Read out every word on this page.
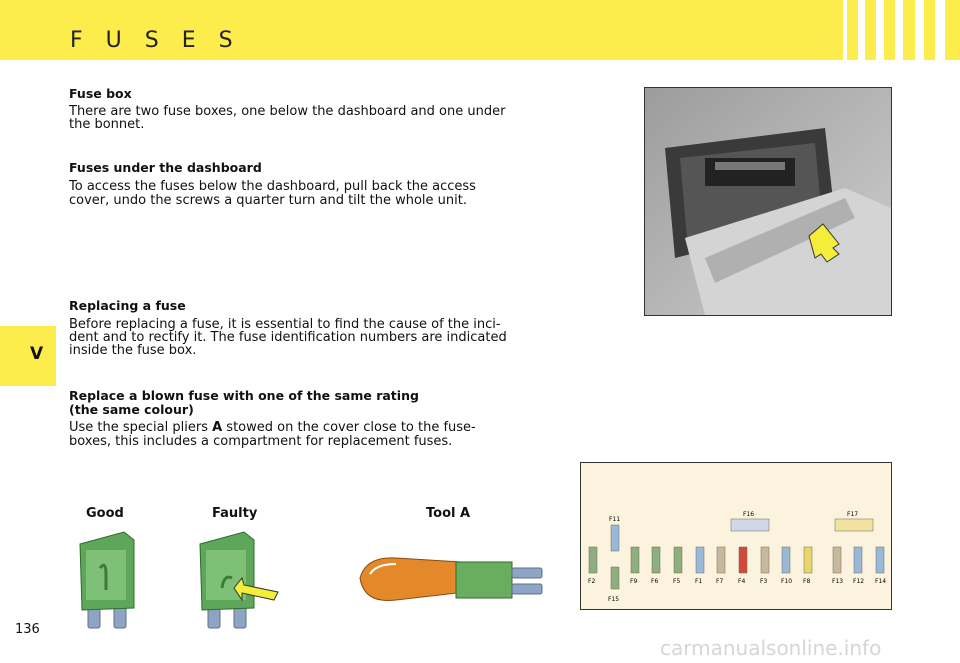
F U S E S
V
Fuse box
There are two fuse boxes, one below the dashboard and one under
the bonnet.
Fuses under the dashboard
To access the fuses below the dashboard, pull back the access
cover, undo the screws a quarter turn and tilt the whole unit.
Replacing a fuse
Before replacing a fuse, it is essential to find the cause of the inci-
dent and to rectify it. The fuse identification numbers are indicated
inside the fuse box.
Replace a blown fuse with one of the same rating
(the same colour)
Use the special pliers A stowed on the cover close to the fuse-
boxes, this includes a compartment for replacement fuses.
Good	Faulty	Tool A	F11
F16	F17
F15
F2	F9 F6 F5 F1 F7 F4 F3 F10 F8	F13 F12 F14
136
carmanualsonline.info
